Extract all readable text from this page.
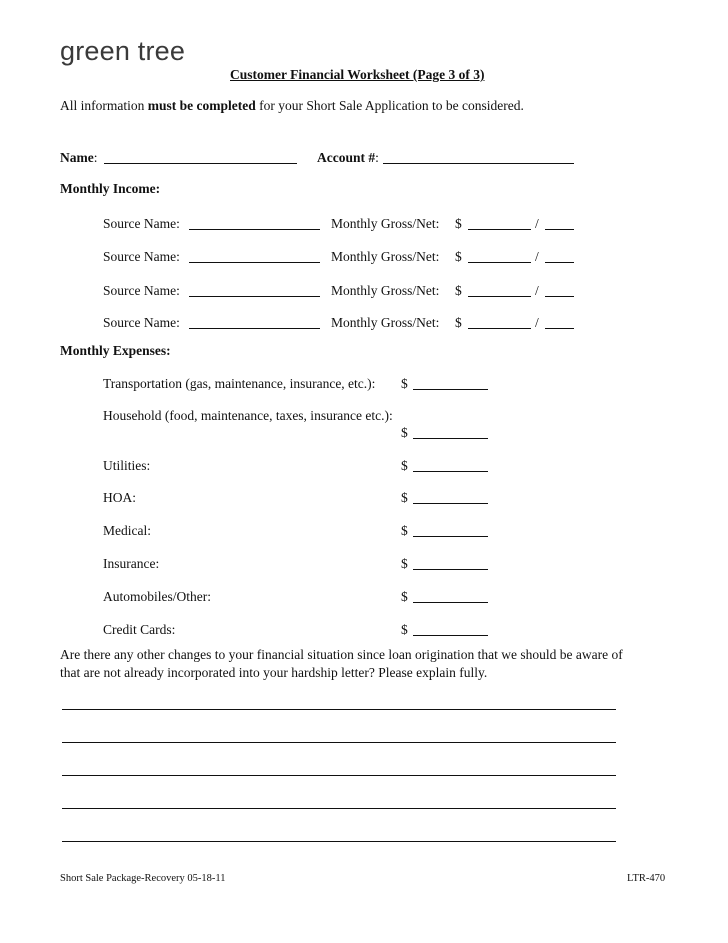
green tree
Customer Financial Worksheet (Page 3 of 3)
All information must be completed for your Short Sale Application to be considered.
Name:	Account #:
Monthly Income:
Source Name:	Monthly Gross/Net: $	/
Source Name:	Monthly Gross/Net: $	/
Source Name:	Monthly Gross/Net: $	/
Source Name:	Monthly Gross/Net: $	/
Monthly Expenses:
Transportation (gas, maintenance, insurance, etc.): $
Household (food, maintenance, taxes, insurance etc.):
$
Utilities:	$
HOA:	$
Medical:	$
Insurance:	$
Automobiles/Other:	$
Credit Cards:	$
Are there any other changes to your financial situation since loan origination that we should be aware of
that are not already incorporated into your hardship letter? Please explain fully.
Short Sale Package-Recovery 05-18-11	LTR-470
